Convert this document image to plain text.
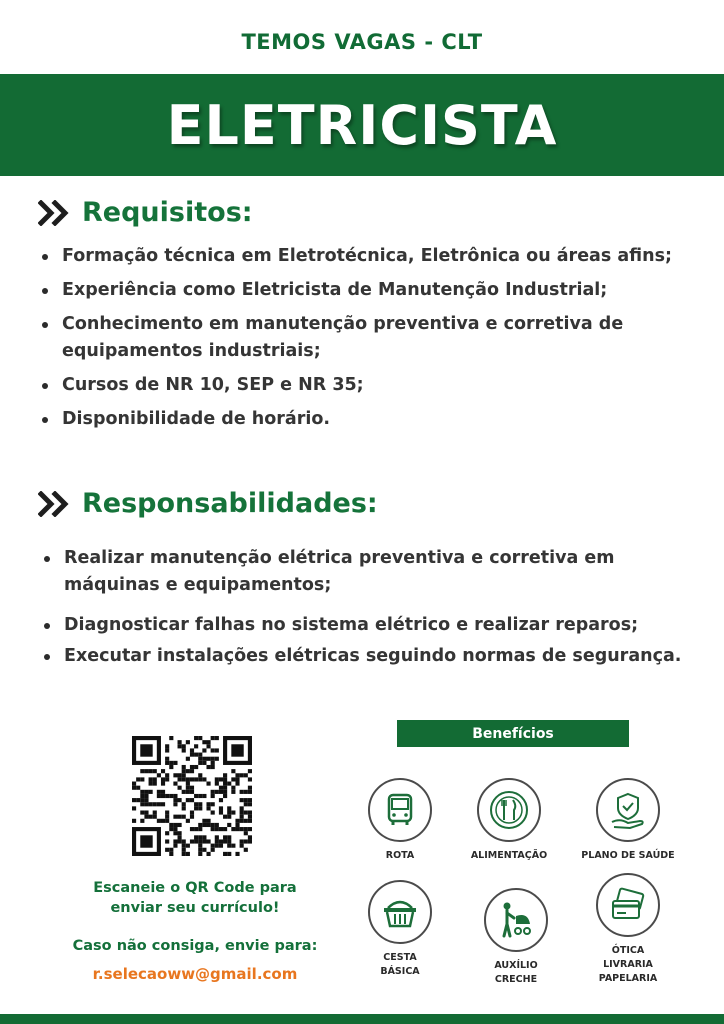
TEMOS VAGAS - CLT
ELETRICISTA
Requisitos:
Formação técnica em Eletrotécnica, Eletrônica ou áreas afins;
Experiência como Eletricista de Manutenção Industrial;
Conhecimento em manutenção preventiva e corretiva de equipamentos industriais;
Cursos de NR 10, SEP e NR 35;
Disponibilidade de horário.
Responsabilidades:
Realizar manutenção elétrica preventiva e corretiva em máquinas e equipamentos;
Diagnosticar falhas no sistema elétrico e realizar reparos;
Executar instalações elétricas seguindo normas de segurança.
Escaneie o QR Code para enviar seu currículo!
Caso não consiga, envie para:
r.selecaoww@gmail.com
Benefícios
ROTA	ALIMENTAÇÃO	PLANO DE SAÚDE
CESTA
BÁSICA
AUXÍLIO
CRECHE
ÓTICA
LIVRARIA
PAPELARIA
